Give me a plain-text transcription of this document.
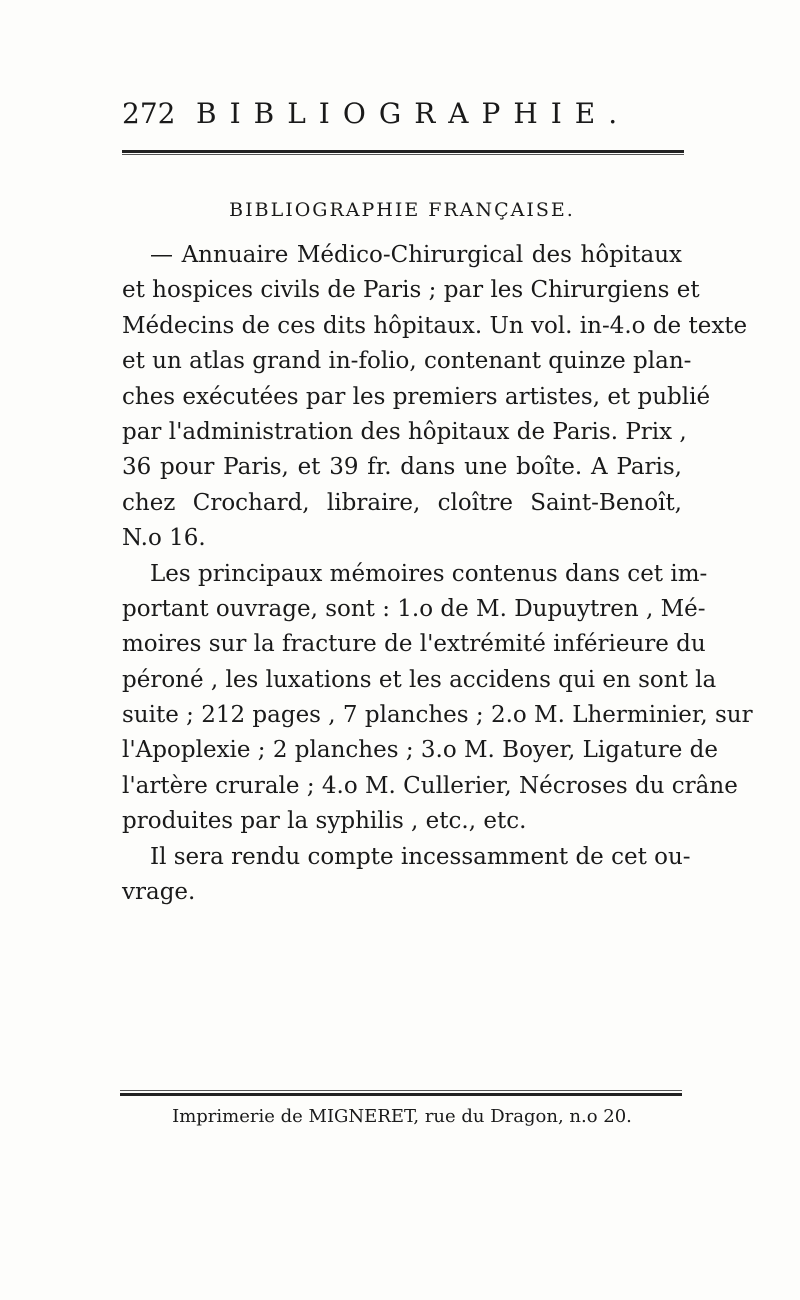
272 BIBLIOGRAPHIE.
BIBLIOGRAPHIE FRANÇAISE.
— Annuaire Médico-Chirurgical des hôpitaux
et hospices civils de Paris ; par les Chirurgiens et
Médecins de ces dits hôpitaux. Un vol. in-4.o de texte
et un atlas grand in-folio, contenant quinze plan-
ches exécutées par les premiers artistes, et publié
par l'administration des hôpitaux de Paris. Prix ,
36 pour Paris, et 39 fr. dans une boîte. A Paris,
chez Crochard, libraire, cloître Saint-Benoît,
N.o 16.
Les principaux mémoires contenus dans cet im-
portant ouvrage, sont : 1.o de M. Dupuytren , Mé-
moires sur la fracture de l'extrémité inférieure du
péroné , les luxations et les accidens qui en sont la
suite ; 212 pages , 7 planches ; 2.o M. Lherminier, sur
l'Apoplexie ; 2 planches ; 3.o M. Boyer, Ligature de
l'artère crurale ; 4.o M. Cullerier, Nécroses du crâne
produites par la syphilis , etc., etc.
Il sera rendu compte incessamment de cet ou-
vrage.
Imprimerie de MIGNERET, rue du Dragon, n.o 20.
